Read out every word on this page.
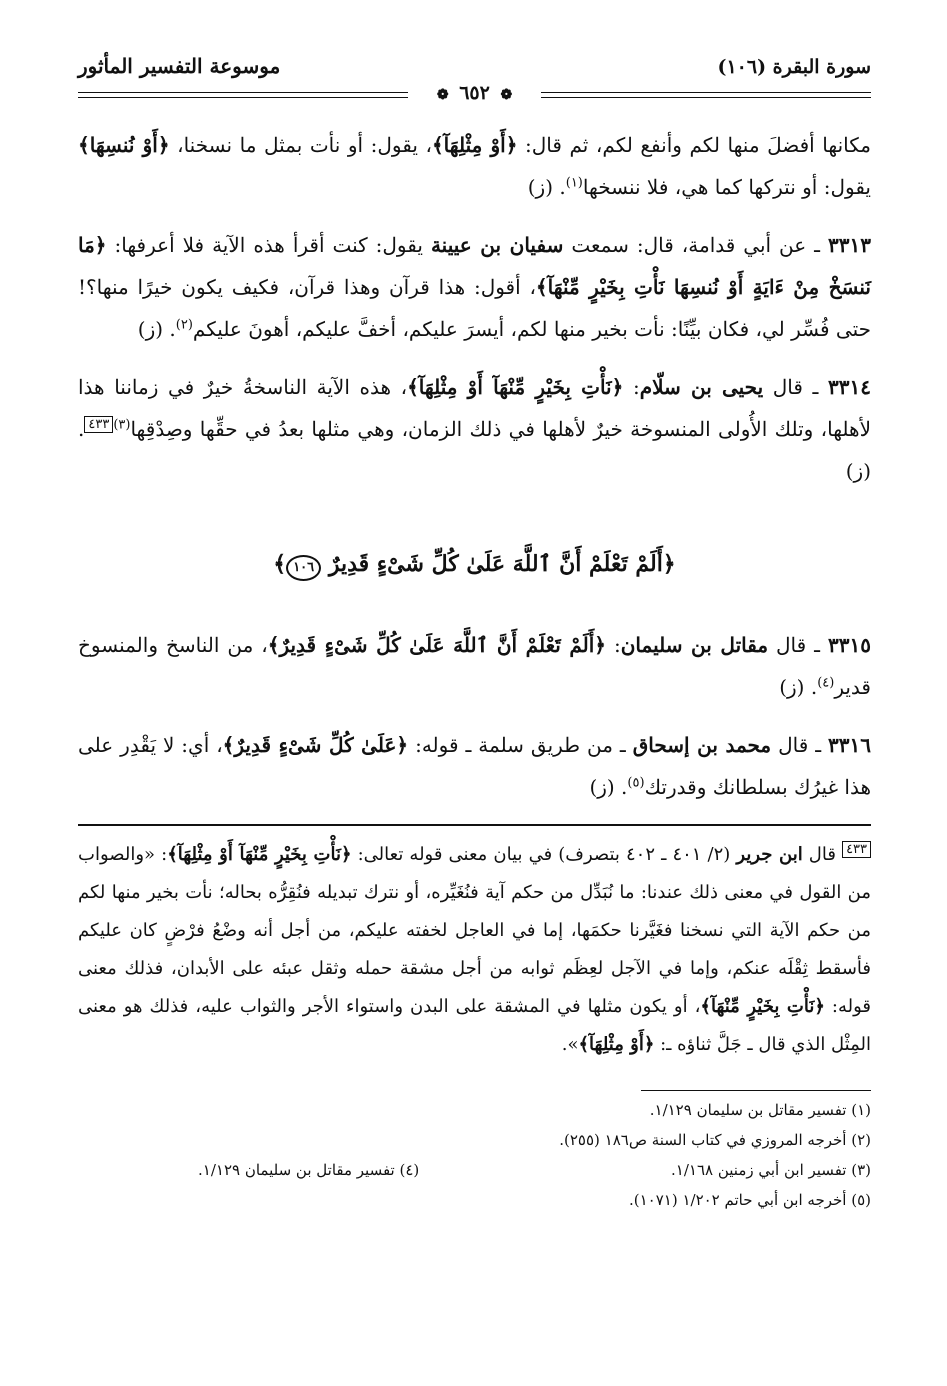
سورة البقرة (١٠٦)
موسوعة التفسير المأثور
❁ ٦٥٢ ❁

مكانها أفضلَ منها لكم وأنفع لكم، ثم قال: ﴿أَوْ مِثْلِهَآ﴾، يقول: أو نأت بمثل ما نسخنا، ﴿أَوْ نُنسِهَا﴾ يقول: أو نتركها كما هي، فلا ننسخها$^{(١)}$. (ز)

٣٣١٣ ـ عن أبي قدامة، قال: سمعت سفيان بن عيينة يقول: كنت أقرأ هذه الآية فلا أعرفها: ﴿مَا نَنسَخْ مِنْ ءَايَةٍ أَوْ نُنسِهَا نَأْتِ بِخَيْرٍ مِّنْهَآ﴾، أقول: هذا قرآن وهذا قرآن، فكيف يكون خيرًا منها؟! حتى فُسِّر لي، فكان بيِّنًا: نأت بخير منها لكم، أيسرَ عليكم، أخفَّ عليكم، أهونَ عليكم$^{(٢)}$. (ز)

٣٣١٤ ـ قال يحيى بن سلّام: ﴿نَأْتِ بِخَيْرٍ مِّنْهَآ أَوْ مِثْلِهَآ﴾، هذه الآية الناسخةُ خيرٌ في زماننا هذا لأهلها، وتلك الأُولى المنسوخة خيرٌ لأهلها في ذلك الزمان، وهي مثلها بعدُ في حقِّها وصِدْقِها$^{(٣)}$٤٣٣. (ز)

﴿أَلَمْ تَعْلَمْ أَنَّ ٱللَّهَ عَلَىٰ كُلِّ شَىْءٍ قَدِيرٌ ١٠٦﴾

٣٣١٥ ـ قال مقاتل بن سليمان: ﴿أَلَمْ تَعْلَمْ أَنَّ ٱللَّهَ عَلَىٰ كُلِّ شَىْءٍ قَدِيرٌ﴾، من الناسخ والمنسوخ قدير$^{(٤)}$. (ز)

٣٣١٦ ـ قال محمد بن إسحاق ـ من طريق سلمة ـ قوله: ﴿عَلَىٰ كُلِّ شَىْءٍ قَدِيرٌ﴾، أي: لا يَقْدِر على هذا غيرُك بسلطانك وقدرتك$^{(٥)}$. (ز)

٤٣٣ قال ابن جرير (٢/ ٤٠١ ـ ٤٠٢ بتصرف) في بيان معنى قوله تعالى: ﴿نَأْتِ بِخَيْرٍ مِّنْهَآ أَوْ مِثْلِهَآ﴾: «والصواب من القول في معنى ذلك عندنا: ما نُبَدِّل من حكم آية فنُغَيِّره، أو نترك تبديله فنُقِرُّه بحاله؛ نأت بخير منها لكم من حكم الآية التي نسخنا فغَيَّرنا حكمَها، إما في العاجل لخفته عليكم، من أجل أنه وضْعُ فرْضٍ كان عليكم فأسقط ثِقْلَه عنكم، وإما في الآجل لعِظَم ثوابه من أجل مشقة حمله وثقل عبئه على الأبدان، فذلك معنى قوله: ﴿نَأْتِ بِخَيْرٍ مِّنْهَآ﴾، أو يكون مثلها في المشقة على البدن واستواء الأجر والثواب عليه، فذلك هو معنى المِثْل الذي قال ـ جَلَّ ثناؤه ـ: ﴿أَوْ مِثْلِهَآ﴾».

(١) تفسير مقاتل بن سليمان ١/١٢٩.
(٢) أخرجه المروزي في كتاب السنة ص١٨٦ (٢٥٥).
(٣) تفسير ابن أبي زمنين ١/١٦٨.
(٤) تفسير مقاتل بن سليمان ١/١٢٩.
(٥) أخرجه ابن أبي حاتم ١/٢٠٢ (١٠٧١).
